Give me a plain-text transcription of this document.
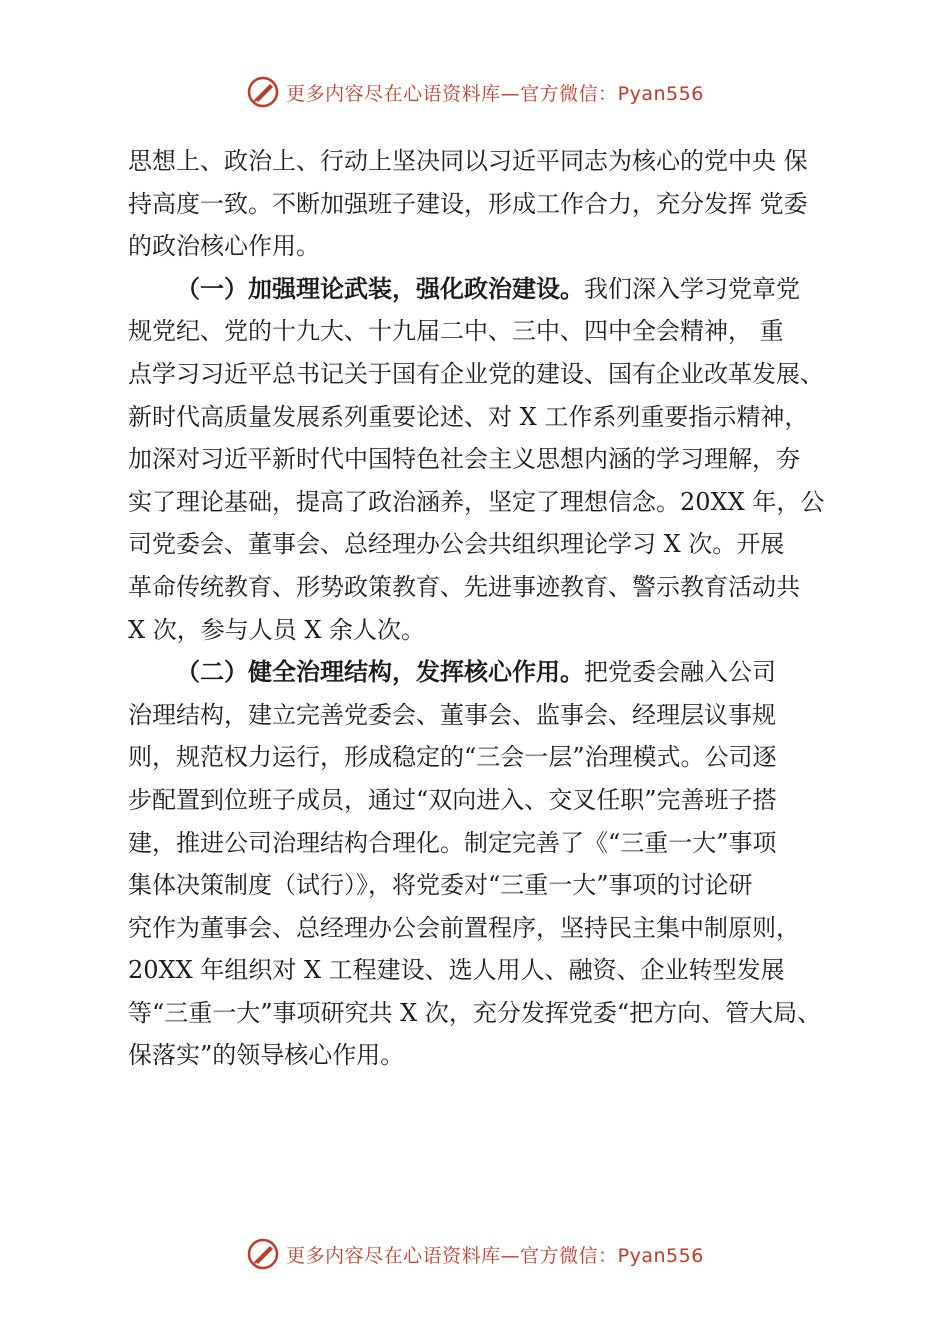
更多内容尽在心语资料库—官方微信：Pyan556
思想上、政治上、行动上坚决同以习近平同志为核心的党中央 保
持高度一致。不断加强班子建设，形成工作合力，充分发挥 党委
的政治核心作用。
（一）加强理论武装，强化政治建设。我们深入学习党章党
规党纪、党的十九大、十九届二中、三中、四中全会精神， 重
点学习习近平总书记关于国有企业党的建设、国有企业改革发展、
新时代高质量发展系列重要论述、对 X 工作系列重要指示精神，
加深对习近平新时代中国特色社会主义思想内涵的学习理解，夯
实了理论基础，提高了政治涵养，坚定了理想信念。20XX 年，公
司党委会、董事会、总经理办公会共组织理论学习 X 次。开展
革命传统教育、形势政策教育、先进事迹教育、警示教育活动共
X 次，参与人员 X 余人次。
（二）健全治理结构，发挥核心作用。把党委会融入公司
治理结构，建立完善党委会、董事会、监事会、经理层议事规
则，规范权力运行，形成稳定的“三会一层”治理模式。公司逐
步配置到位班子成员，通过“双向进入、交叉任职”完善班子搭
建，推进公司治理结构合理化。制定完善了《“三重一大”事项
集体决策制度（试行）》，将党委对“三重一大”事项的讨论研
究作为董事会、总经理办公会前置程序，坚持民主集中制原则，
20XX 年组织对 X 工程建设、选人用人、融资、企业转型发展
等“三重一大”事项研究共 X 次，充分发挥党委“把方向、管大局、
保落实”的领导核心作用。
更多内容尽在心语资料库—官方微信：Pyan556
